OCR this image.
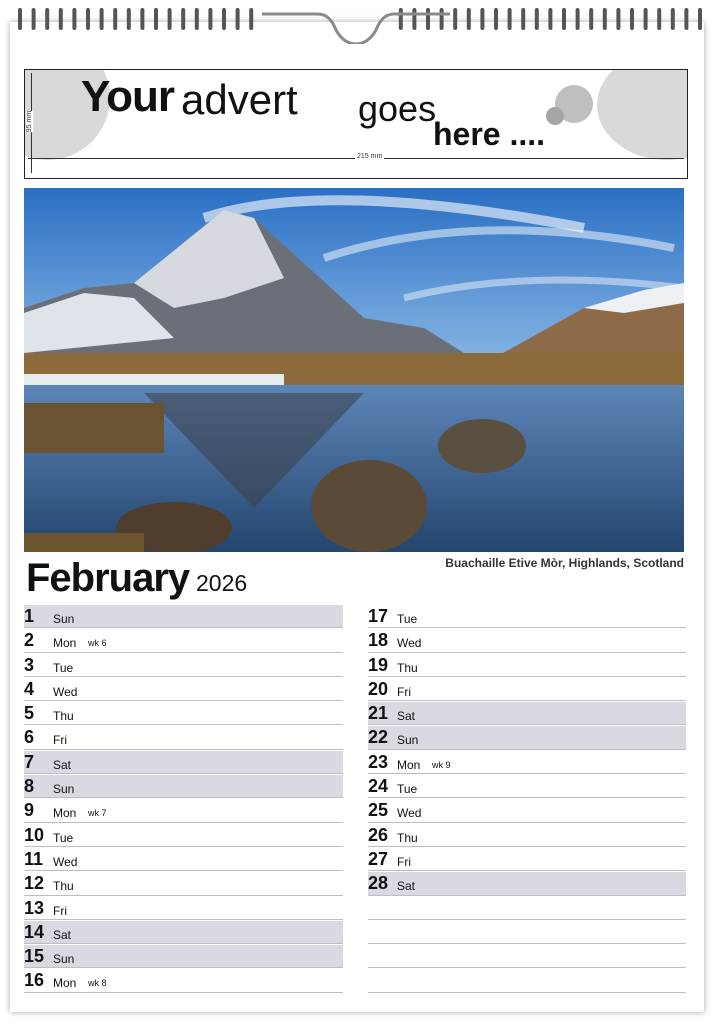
Your advert goes
here ....
215 mm
95 mm
Buachaille Etive Mòr, Highlands, Scotland
February 2026
1 Sun
2 Mon wk 6
3 Tue
4 Wed
5 Thu
6 Fri
7 Sat
8 Sun
9 Mon wk 7
10 Tue
11 Wed
12 Thu
13 Fri
14 Sat
15 Sun
16 Mon wk 8
17 Tue
18 Wed
19 Thu
20 Fri
21 Sat
22 Sun
23 Mon wk 9
24 Tue
25 Wed
26 Thu
27 Fri
28 Sat
